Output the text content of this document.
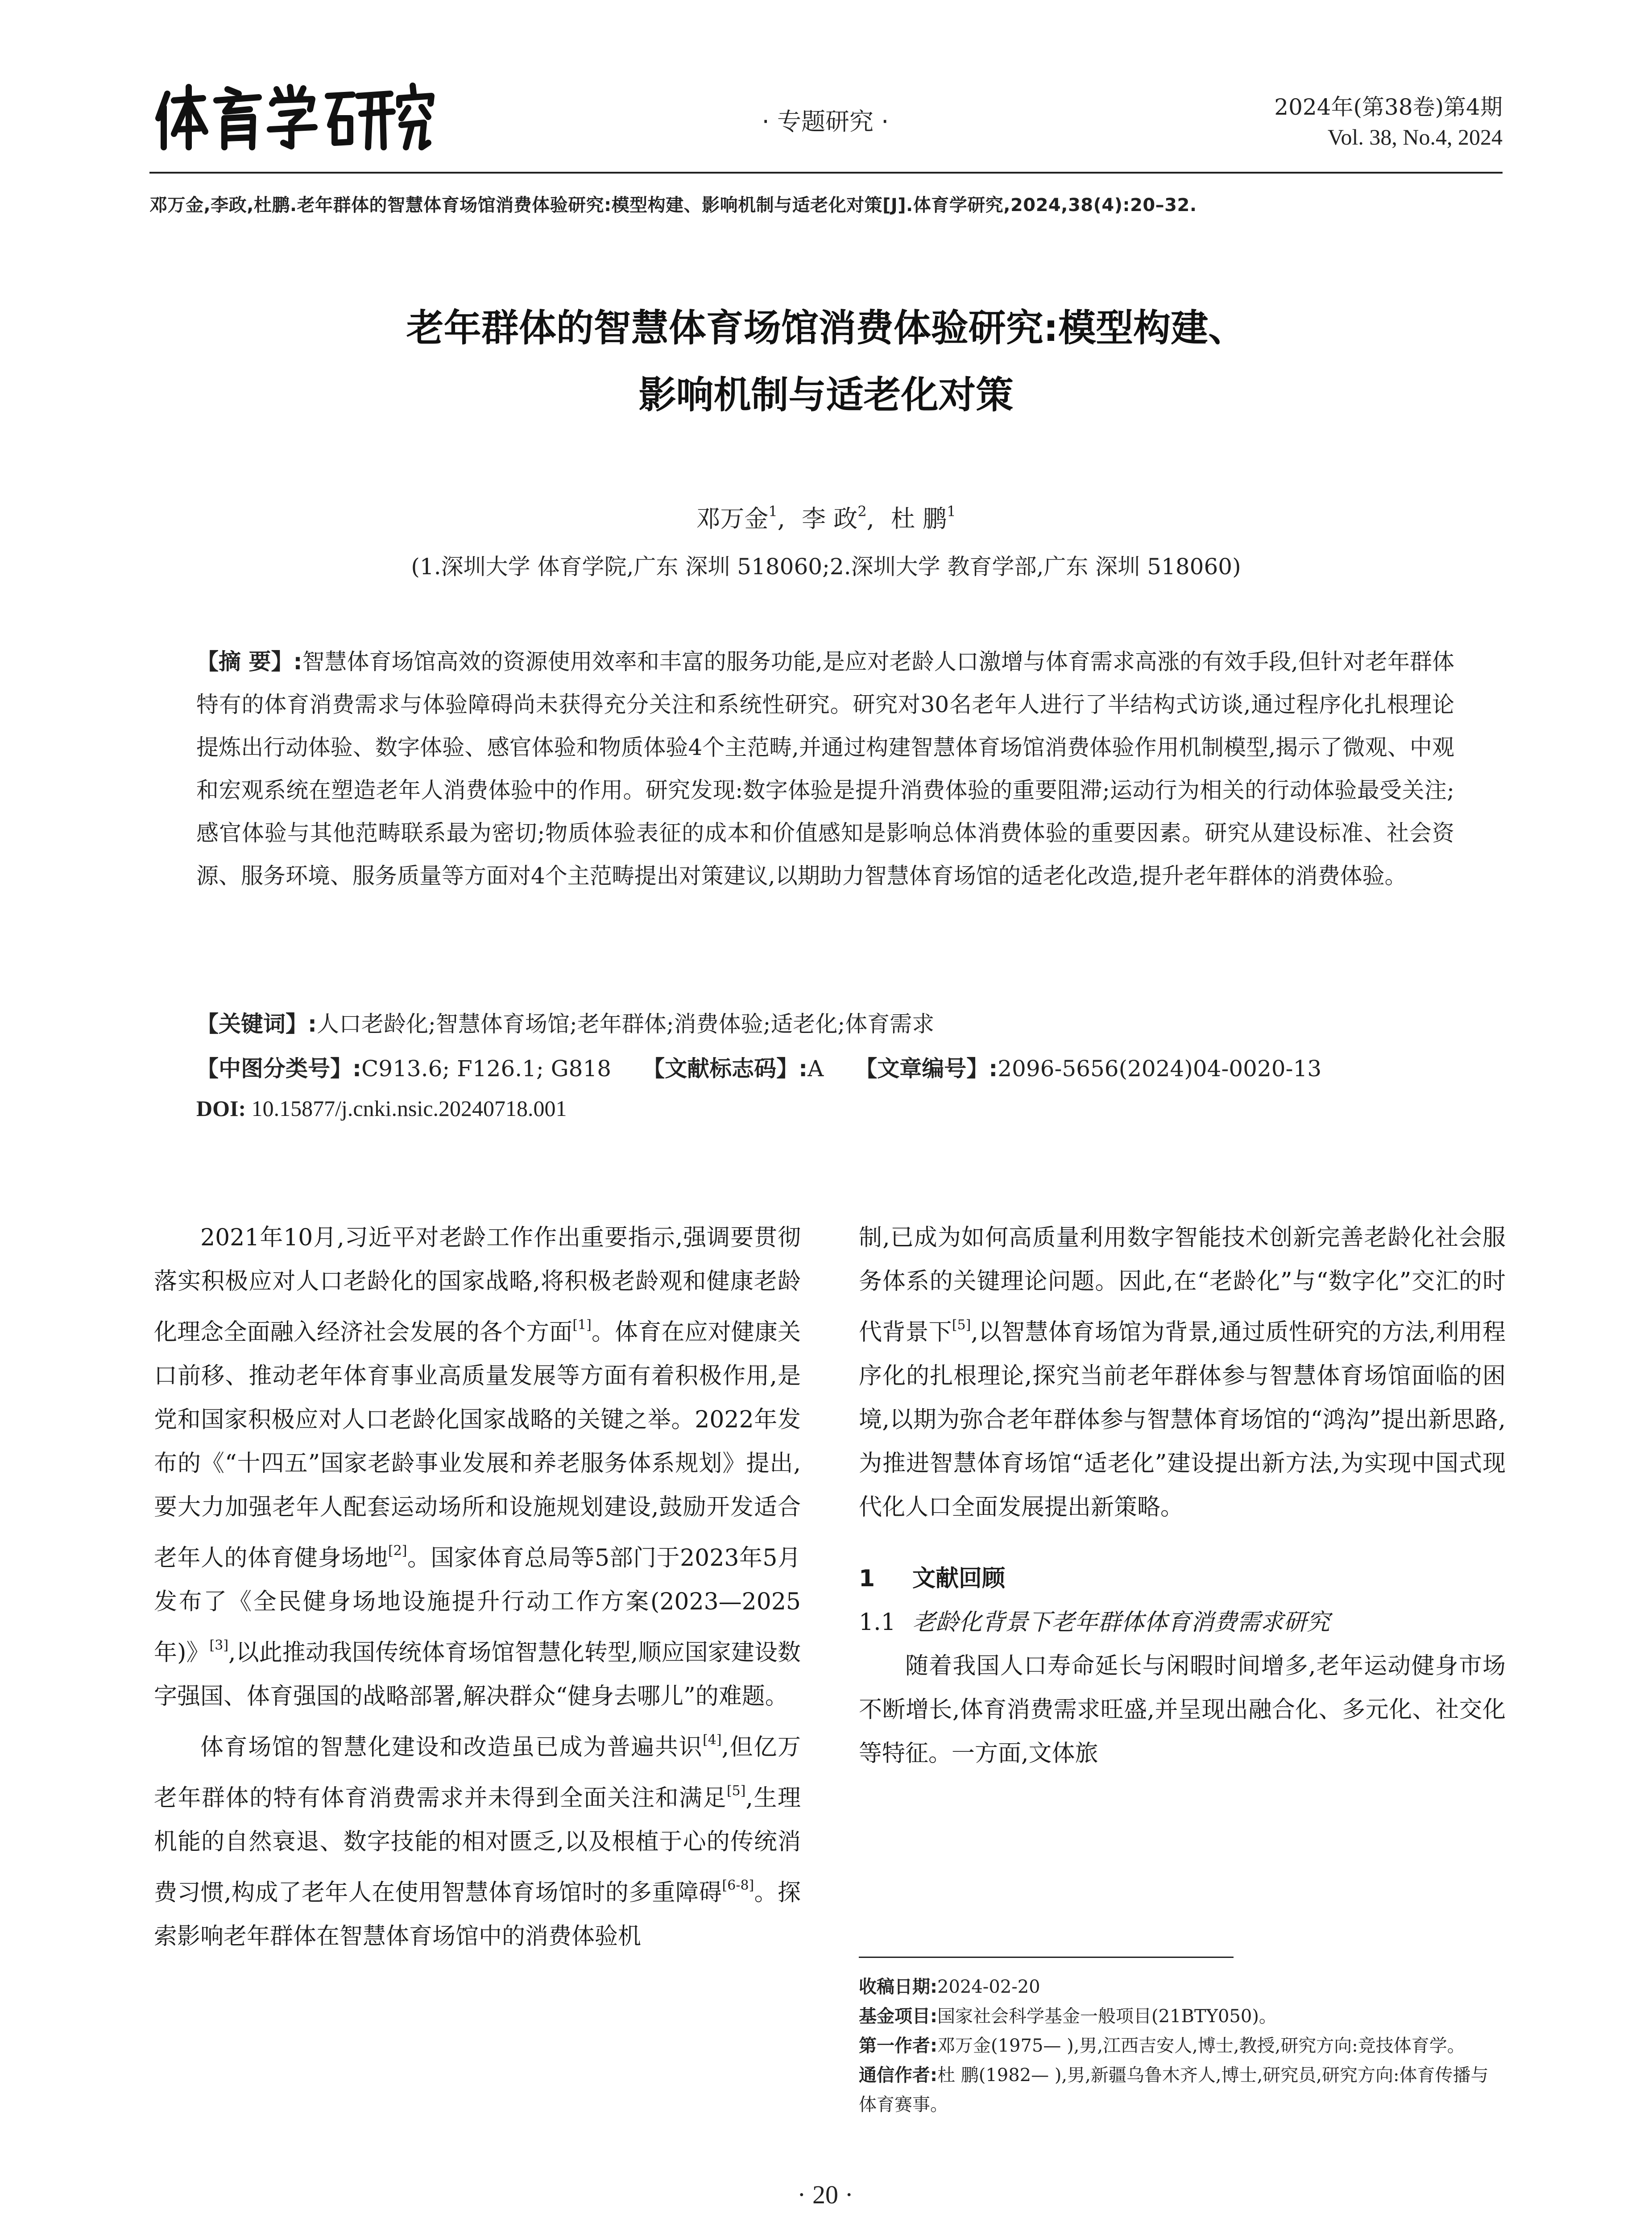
· 专题研究 ·
2024年(第38卷)第4期
Vol. 38, No.4, 2024
邓万金,李政,杜鹏.老年群体的智慧体育场馆消费体验研究:模型构建、影响机制与适老化对策[J].体育学研究,2024,38(4):20–32.
老年群体的智慧体育场馆消费体验研究:模型构建、
影响机制与适老化对策
邓万金$^1$, 李 政$^2$, 杜 鹏$^1$
(1.深圳大学 体育学院,广东 深圳 518060;2.深圳大学 教育学部,广东 深圳 518060)
【摘 要】:智慧体育场馆高效的资源使用效率和丰富的服务功能,是应对老龄人口激增与体育需求高涨的有效手段,但针对老年群体特有的体育消费需求与体验障碍尚未获得充分关注和系统性研究。研究对30名老年人进行了半结构式访谈,通过程序化扎根理论提炼出行动体验、数字体验、感官体验和物质体验4个主范畴,并通过构建智慧体育场馆消费体验作用机制模型,揭示了微观、中观和宏观系统在塑造老年人消费体验中的作用。研究发现:数字体验是提升消费体验的重要阻滞;运动行为相关的行动体验最受关注;感官体验与其他范畴联系最为密切;物质体验表征的成本和价值感知是影响总体消费体验的重要因素。研究从建设标准、社会资源、服务环境、服务质量等方面对4个主范畴提出对策建议,以期助力智慧体育场馆的适老化改造,提升老年群体的消费体验。
【关键词】:人口老龄化;智慧体育场馆;老年群体;消费体验;适老化;体育需求
【中图分类号】:C913.6; F126.1; G818 【文献标志码】:A 【文章编号】:2096-5656(2024)04-0020-13
DOI: 10.15877/j.cnki.nsic.20240718.001

2021年10月,习近平对老龄工作作出重要指示,强调要贯彻落实积极应对人口老龄化的国家战略,将积极老龄观和健康老龄化理念全面融入经济社会发展的各个方面[1]。体育在应对健康关口前移、推动老年体育事业高质量发展等方面有着积极作用,是党和国家积极应对人口老龄化国家战略的关键之举。2022年发布的《“十四五”国家老龄事业发展和养老服务体系规划》提出,要大力加强老年人配套运动场所和设施规划建设,鼓励开发适合老年人的体育健身场地[2]。国家体育总局等5部门于2023年5月发布了《全民健身场地设施提升行动工作方案(2023—2025年)》[3],以此推动我国传统体育场馆智慧化转型,顺应国家建设数字强国、体育强国的战略部署,解决群众“健身去哪儿”的难题。

体育场馆的智慧化建设和改造虽已成为普遍共识[4],但亿万老年群体的特有体育消费需求并未得到全面关注和满足[5],生理机能的自然衰退、数字技能的相对匮乏,以及根植于心的传统消费习惯,构成了老年人在使用智慧体育场馆时的多重障碍[6-8]。探索影响老年群体在智慧体育场馆中的消费体验机

制,已成为如何高质量利用数字智能技术创新完善老龄化社会服务体系的关键理论问题。因此,在“老龄化”与“数字化”交汇的时代背景下[5],以智慧体育场馆为背景,通过质性研究的方法,利用程序化的扎根理论,探究当前老年群体参与智慧体育场馆面临的困境,以期为弥合老年群体参与智慧体育场馆的“鸿沟”提出新思路,为推进智慧体育场馆“适老化”建设提出新方法,为实现中国式现代化人口全面发展提出新策略。

1 文献回顾
1.1 老龄化背景下老年群体体育消费需求研究

随着我国人口寿命延长与闲暇时间增多,老年运动健身市场不断增长,体育消费需求旺盛,并呈现出融合化、多元化、社交化等特征。一方面,文体旅

收稿日期:2024-02-20
基金项目:国家社会科学基金一般项目(21BTY050)。
第一作者:邓万金(1975— ),男,江西吉安人,博士,教授,研究方向:竞技体育学。
通信作者:杜 鹏(1982— ),男,新疆乌鲁木齐人,博士,研究员,研究方向:体育传播与体育赛事。
· 20 ·
